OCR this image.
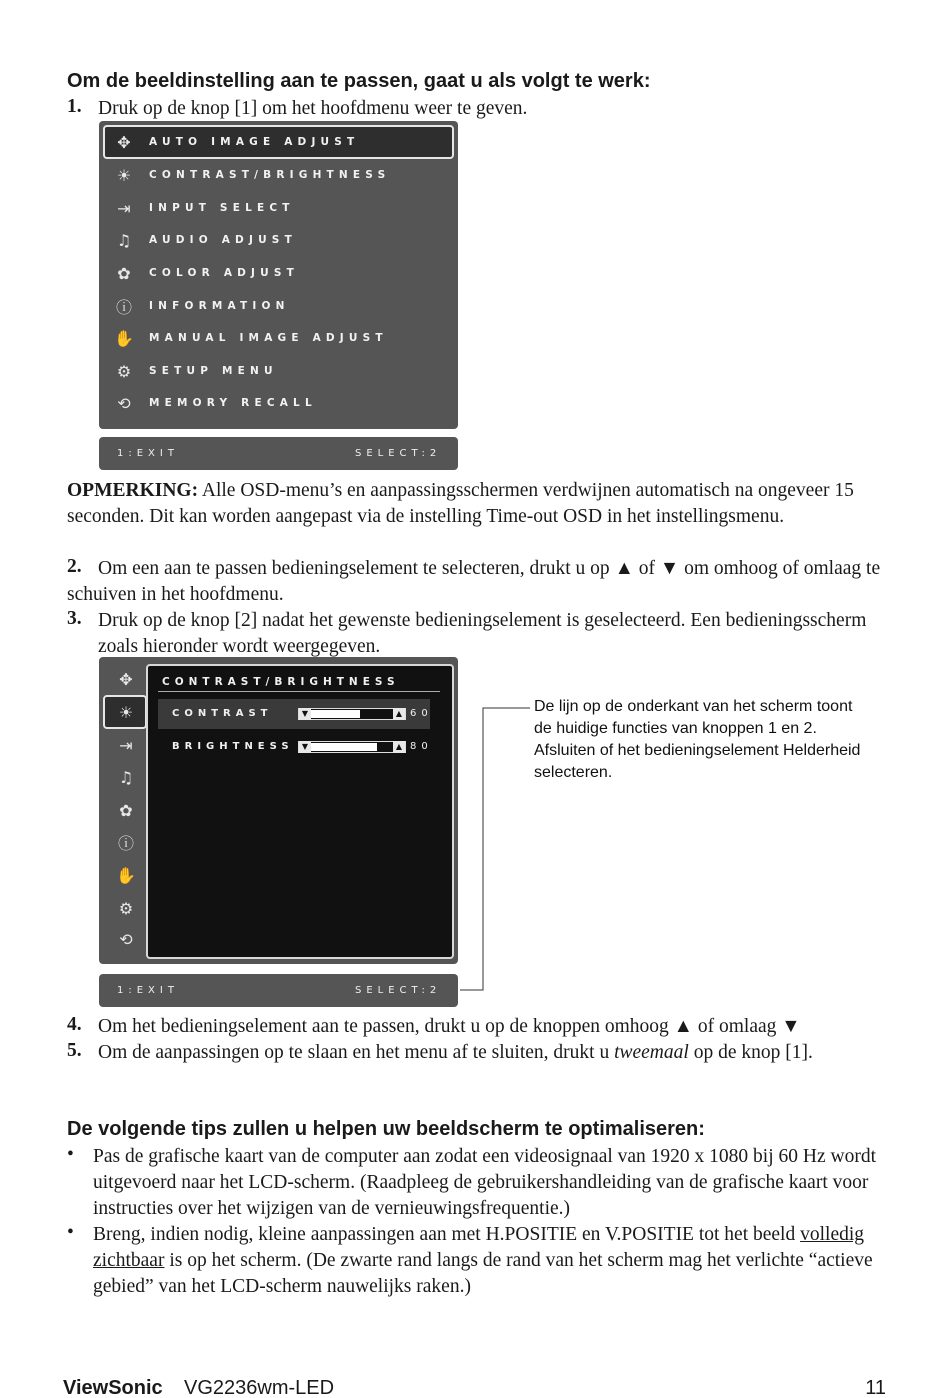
Om de beeldinstelling aan te passen, gaat u als volgt te werk:
1. Druk op de knop [1] om het hoofdmenu weer te geven.
✥	AUTO IMAGE ADJUST
☀	CONTRAST/BRIGHTNESS
⇥	INPUT SELECT
♫	AUDIO ADJUST
✿	COLOR ADJUST
ⓘ INFORMATION
✋ MANUAL IMAGE ADJUST
⚙	SETUP MENU
⟲	MEMORY RECALL
1:EXIT	SELECT:2
OPMERKING: Alle OSD-menu’s en aanpassingsschermen verdwijnen automatisch na ongeveer 15 seconden. Dit kan worden aangepast via de instelling Time-out OSD in het instellingsmenu.
2. Om een aan te passen bedieningselement te selecteren, drukt u op ▲ of ▼ om omhoog of omlaag te schuiven in het hoofdmenu.
3. Druk op de knop [2] nadat het gewenste bedieningselement is geselecteerd. Een bedieningsscherm zoals hieronder wordt weergegeven.
✥
☀
⇥
♫
✿
ⓘ
✋
⚙
⟲
CONTRAST/BRIGHTNESS
CONTRAST	▼	▲ 60
BRIGHTNESS	▼	▲ 80
1:EXIT	SELECT:2
De lijn op de onderkant van het scherm toont de huidige functies van knoppen 1 en 2. Afsluiten of het bedieningselement Helderheid selecteren.
4. Om het bedieningselement aan te passen, drukt u op de knoppen omhoog ▲ of omlaag ▼
5. Om de aanpassingen op te slaan en het menu af te sluiten, drukt u tweemaal op de knop [1].
De volgende tips zullen u helpen uw beeldscherm te optimaliseren:
• Pas de grafische kaart van de computer aan zodat een videosignaal van 1920 x 1080 bij 60 Hz wordt uitgevoerd naar het LCD-scherm. (Raadpleeg de gebruikershandleiding van de grafische kaart voor instructies over het wijzigen van de vernieuwingsfrequentie.)
• Breng, indien nodig, kleine aanpassingen aan met H.POSITIE en V.POSITIE tot het beeld volledig zichtbaar is op het scherm. (De zwarte rand langs de rand van het scherm mag het verlichte “actieve gebied” van het LCD-scherm nauwelijks raken.)
ViewSonic VG2236wm-LED	11
